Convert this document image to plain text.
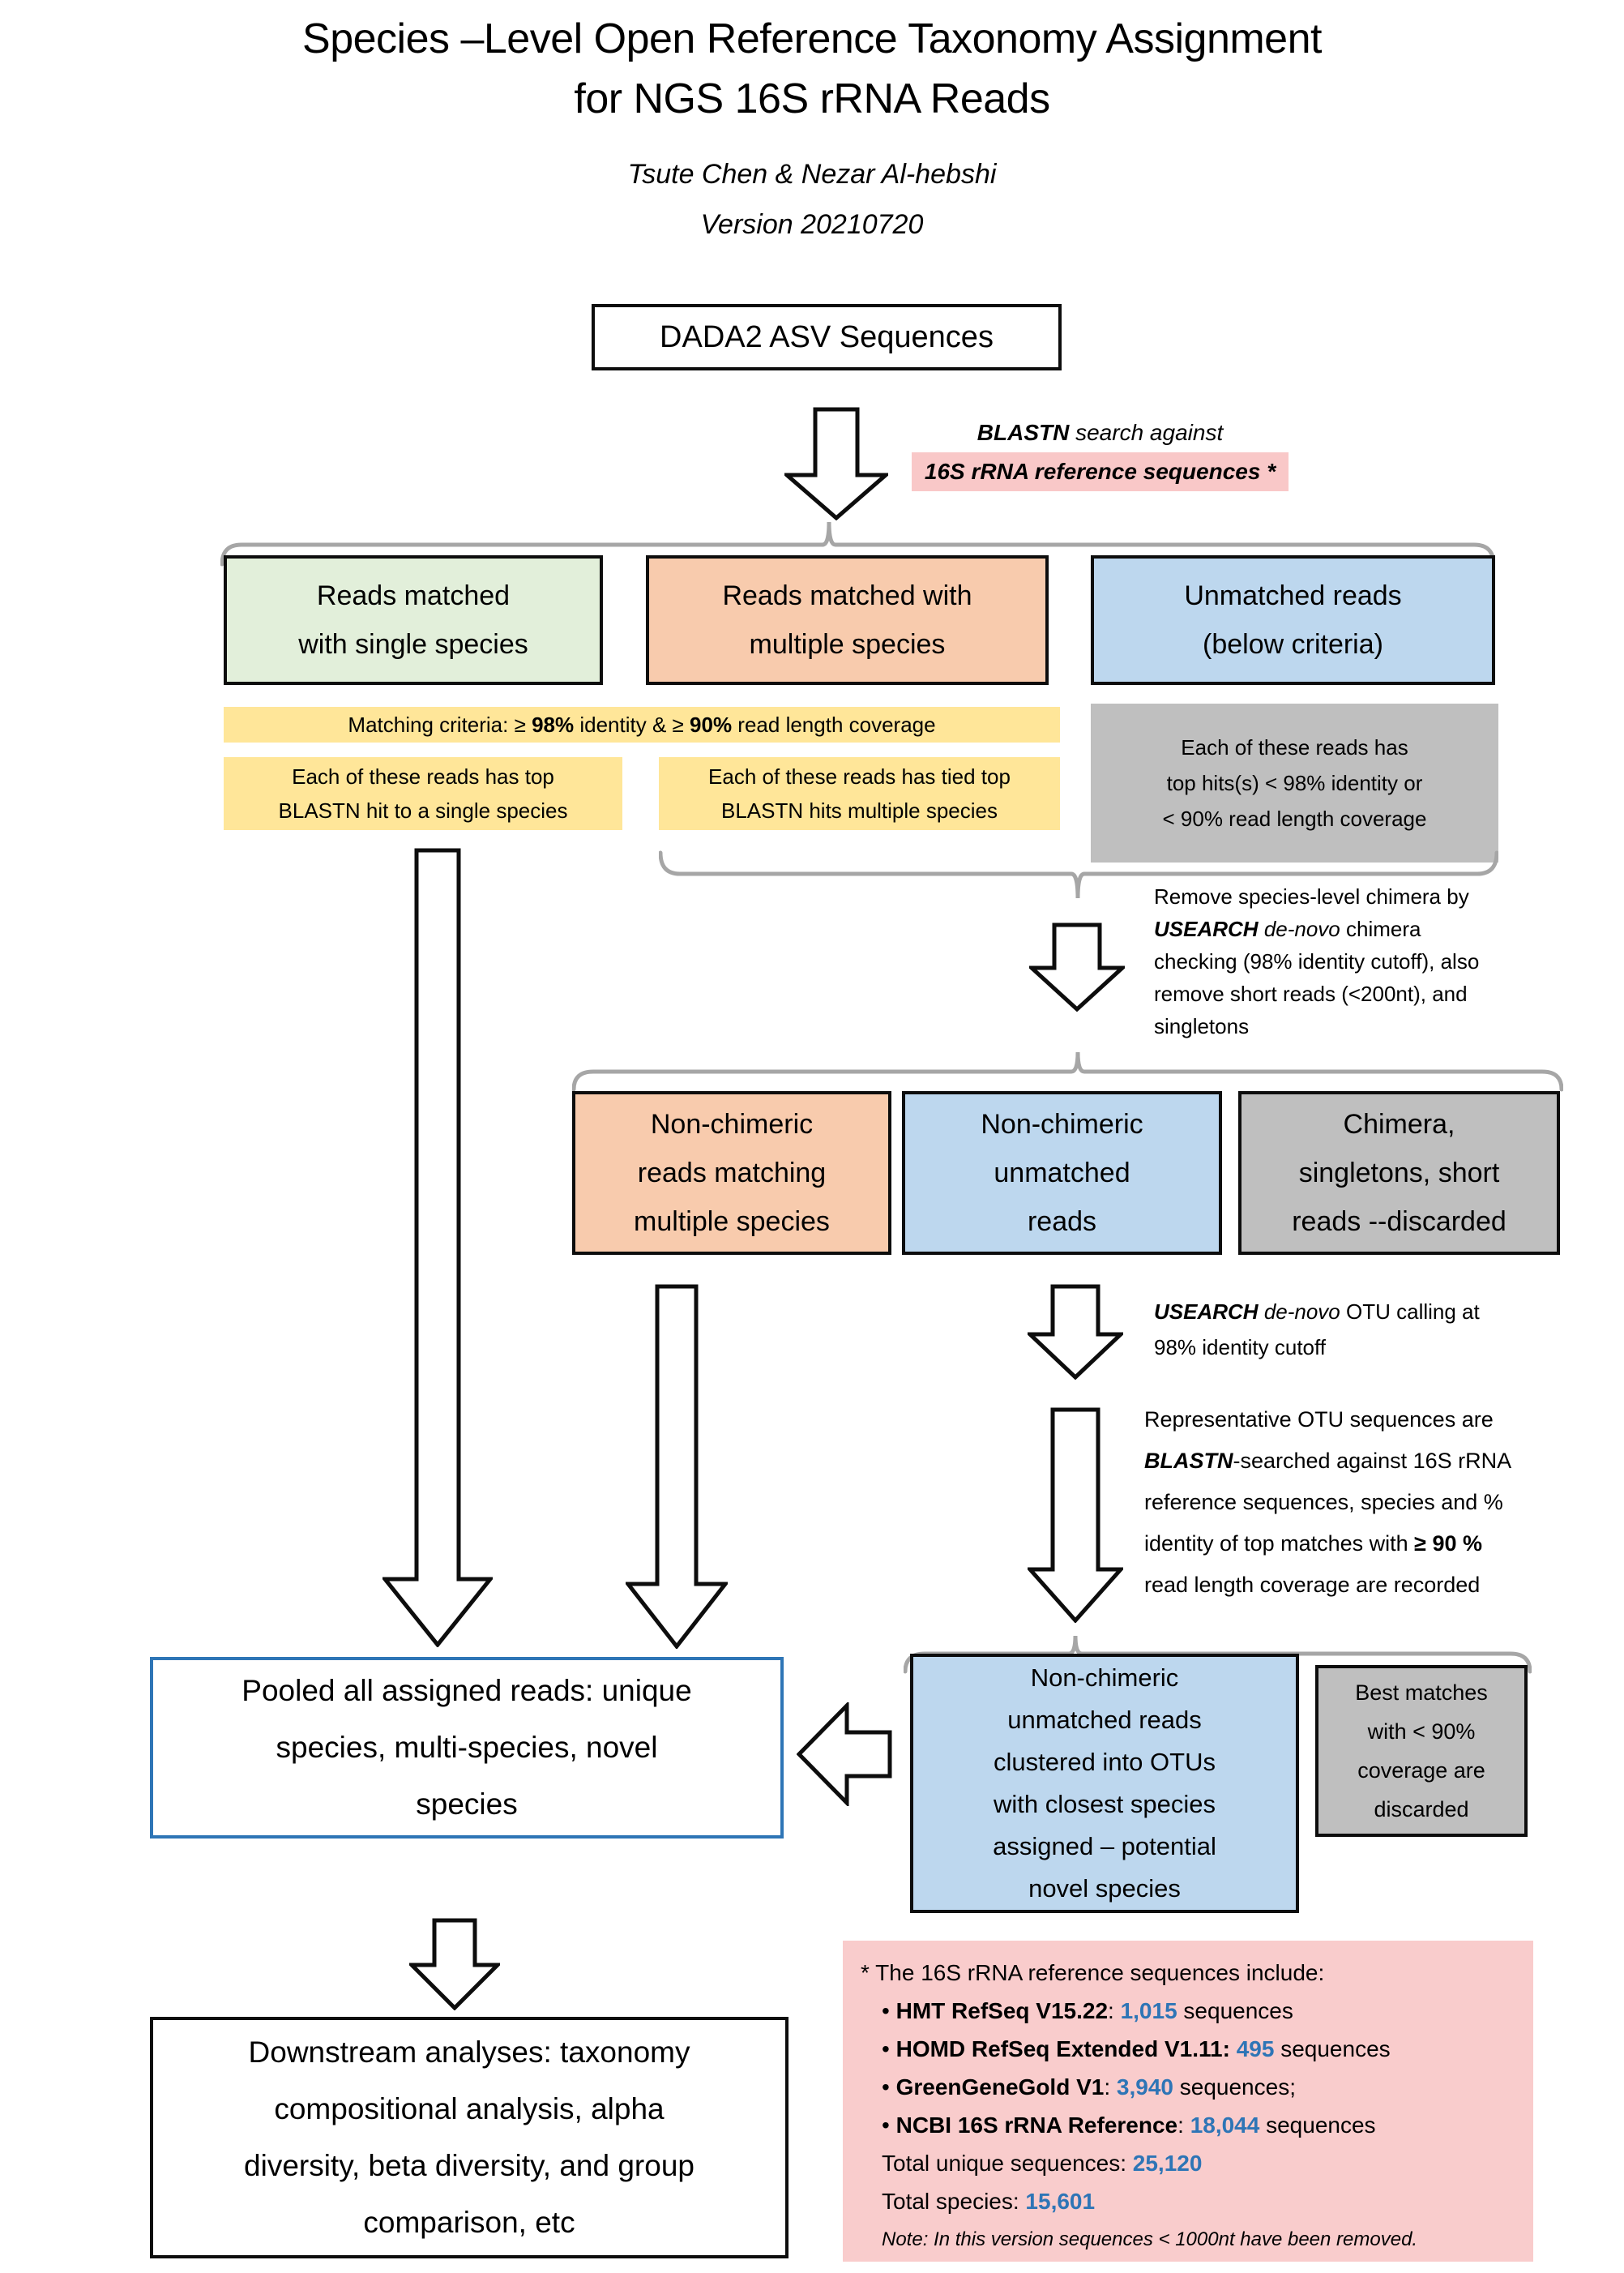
Species –Level Open Reference Taxonomy Assignment
for NGS 16S rRNA Reads
Tsute Chen & Nezar Al-hebshi
Version 20210720
DADA2 ASV Sequences
BLASTN search against
16S rRNA reference sequences *
Reads matched
with single species
Reads matched with
multiple species
Unmatched reads
(below criteria)
Matching criteria: ≥ 98% identity & ≥ 90% read length coverage
Each of these reads has top
BLASTN hit to a single species
Each of these reads has tied top
BLASTN hits multiple species
Each of these reads has
top hits(s) < 98% identity or
< 90% read length coverage
Remove species-level chimera by
USEARCH de-novo chimera
checking (98% identity cutoff), also
remove short reads (<200nt), and
singletons
Non-chimeric
reads matching
multiple species
Non-chimeric
unmatched
reads
Chimera,
singletons, short
reads --discarded
USEARCH de-novo OTU calling at
98% identity cutoff
Representative OTU sequences are
BLASTN-searched against 16S rRNA
reference sequences, species and %
identity of top matches with ≥ 90 %
read length coverage are recorded
Pooled all assigned reads: unique
species, multi-species, novel
species
Non-chimeric
unmatched reads
clustered into OTUs
with closest species
assigned – potential
novel species
Best matches
with < 90%
coverage are
discarded
Downstream analyses: taxonomy
compositional analysis, alpha
diversity, beta diversity, and group
comparison, etc
* The 16S rRNA reference sequences include:
• HMT RefSeq V15.22: 1,015 sequences
• HOMD RefSeq Extended V1.11: 495 sequences
• GreenGeneGold V1: 3,940 sequences;
• NCBI 16S rRNA Reference: 18,044 sequences
Total unique sequences: 25,120
Total species: 15,601
Note: In this version sequences < 1000nt have been removed.
